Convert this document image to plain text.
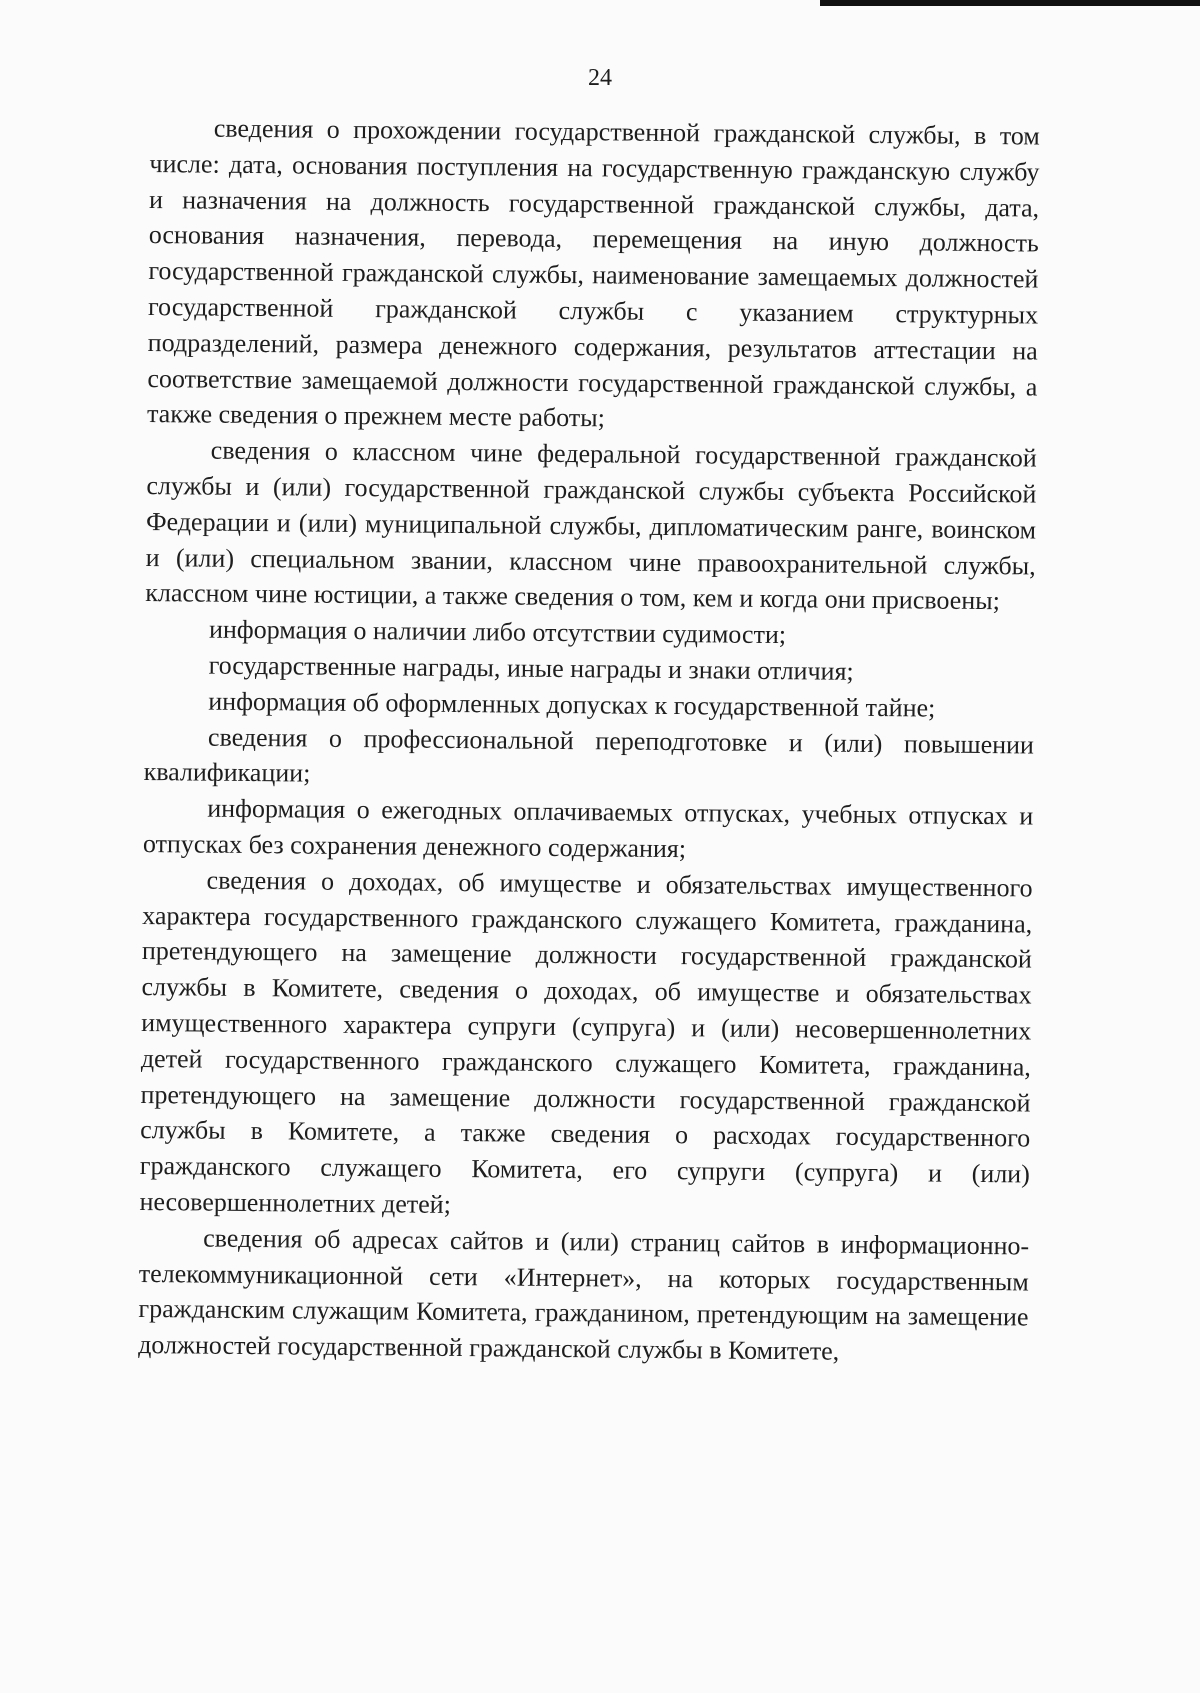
24

сведения о прохождении государственной гражданской службы, в том числе: дата, основания поступления на государственную гражданскую службу и назначения на должность государственной гражданской службы, дата, основания назначения, перевода, перемещения на иную должность государственной гражданской службы, наименование замещаемых должностей государственной гражданской службы с указанием структурных подразделений, размера денежного содержания, результатов аттестации на соответствие замещаемой должности государственной гражданской службы, а также сведения о прежнем месте работы;

сведения о классном чине федеральной государственной гражданской службы и (или) государственной гражданской службы субъекта Российской Федерации и (или) муниципальной службы, дипломатическим ранге, воинском и (или) специальном звании, классном чине правоохранительной службы, классном чине юстиции, а также сведения о том, кем и когда они присвоены;

информация о наличии либо отсутствии судимости;

государственные награды, иные награды и знаки отличия;

информация об оформленных допусках к государственной тайне;

сведения о профессиональной переподготовке и (или) повышении квалификации;

информация о ежегодных оплачиваемых отпусках, учебных отпусках и отпусках без сохранения денежного содержания;

сведения о доходах, об имуществе и обязательствах имущественного характера государственного гражданского служащего Комитета, гражданина, претендующего на замещение должности государственной гражданской службы в Комитете, сведения о доходах, об имуществе и обязательствах имущественного характера супруги (супруга) и (или) несовершеннолетних детей государственного гражданского служащего Комитета, гражданина, претендующего на замещение должности государственной гражданской службы в Комитете, а также сведения о расходах государственного гражданского служащего Комитета, его супруги (супруга) и (или) несовершеннолетних детей;

сведения об адресах сайтов и (или) страниц сайтов в информационно-телекоммуникационной сети «Интернет», на которых государственным гражданским служащим Комитета, гражданином, претендующим на замещение должностей государственной гражданской службы в Комитете,
